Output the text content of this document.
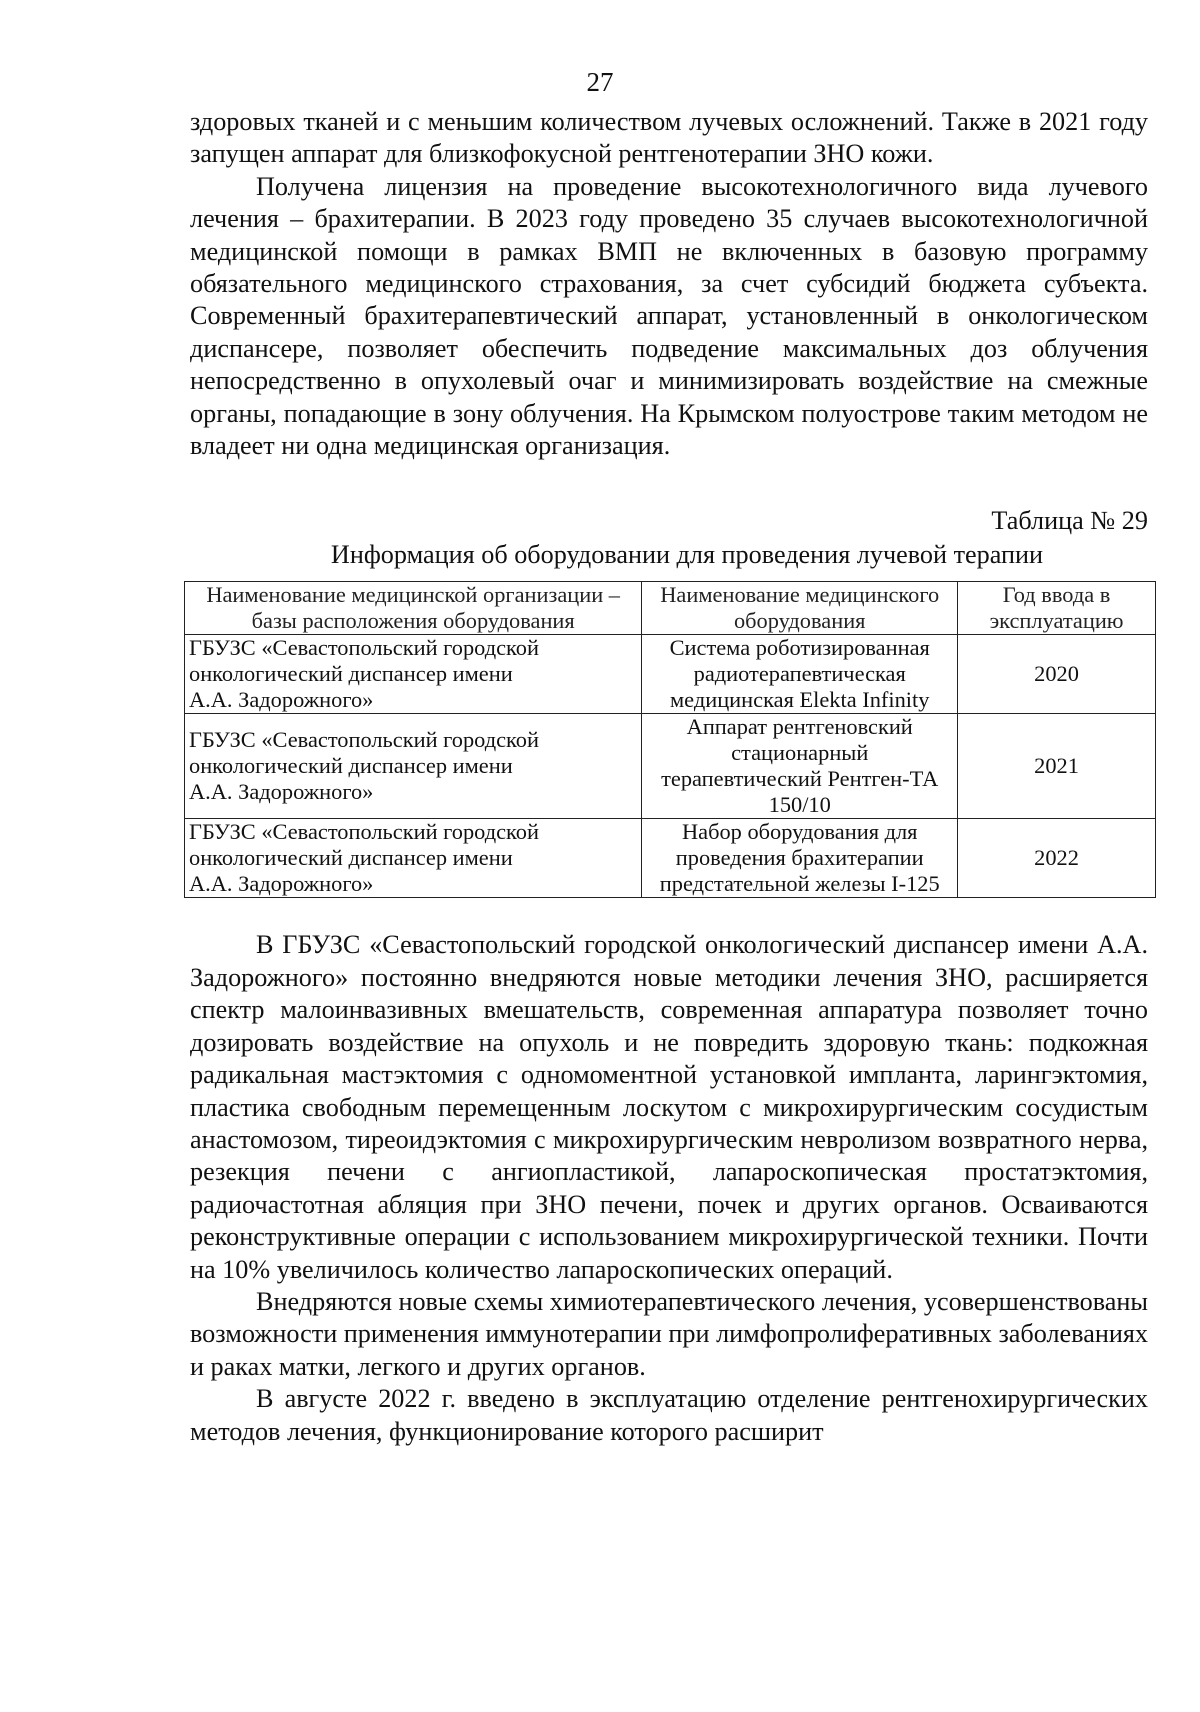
27

здоровых тканей и с меньшим количеством лучевых осложнений. Также в 2021 году запущен аппарат для близкофокусной рентгенотерапии ЗНО кожи.

Получена лицензия на проведение высокотехнологичного вида лучевого лечения – брахитерапии. В 2023 году проведено 35 случаев высокотехнологичной медицинской помощи в рамках ВМП не включенных в базовую программу обязательного медицинского страхования, за счет субсидий бюджета субъекта. Современный брахитерапевтический аппарат, установленный в онкологическом диспансере, позволяет обеспечить подведение максимальных доз облучения непосредственно в опухолевый очаг и минимизировать воздействие на смежные органы, попадающие в зону облучения. На Крымском полуострове таким методом не владеет ни одна медицинская организация.

Таблица № 29
Информация об оборудовании для проведения лучевой терапии
Наименование медицинской организации – базы расположения оборудования	Наименование медицинского оборудования	Год ввода в эксплуатацию

ГБУЗС «Севастопольский городской
онкологический диспансер имени
А.А. Задорожного»	Система роботизированная
радиотерапевтическая
медицинская Elekta Infinity	2020

ГБУЗС «Севастопольский городской
онкологический диспансер имени
А.А. Задорожного»	Аппарат рентгеновский
стационарный
терапевтический Рентген-ТА
150/10	2021

ГБУЗС «Севастопольский городской
онкологический диспансер имени
А.А. Задорожного»	Набор оборудования для
проведения брахитерапии
предстательной железы I-125	2022

В ГБУЗС «Севастопольский городской онкологический диспансер имени А.А. Задорожного» постоянно внедряются новые методики лечения ЗНО, расширяется спектр малоинвазивных вмешательств, современная аппаратура позволяет точно дозировать воздействие на опухоль и не повредить здоровую ткань: подкожная радикальная мастэктомия с одномоментной установкой импланта, ларингэктомия, пластика свободным перемещенным лоскутом с микрохирургическим сосудистым анастомозом, тиреоидэктомия с микрохирургическим невролизом возвратного нерва, резекция печени с ангиопластикой, лапароскопическая простатэктомия, радиочастотная абляция при ЗНО печени, почек и других органов. Осваиваются реконструктивные операции с использованием микрохирургической техники. Почти на 10% увеличилось количество лапароскопических операций.

Внедряются новые схемы химиотерапевтического лечения, усовершенствованы возможности применения иммунотерапии при лимфопролиферативных заболеваниях и раках матки, легкого и других органов.

В августе 2022 г. введено в эксплуатацию отделение рентгенохирургических методов лечения, функционирование которого расширит
